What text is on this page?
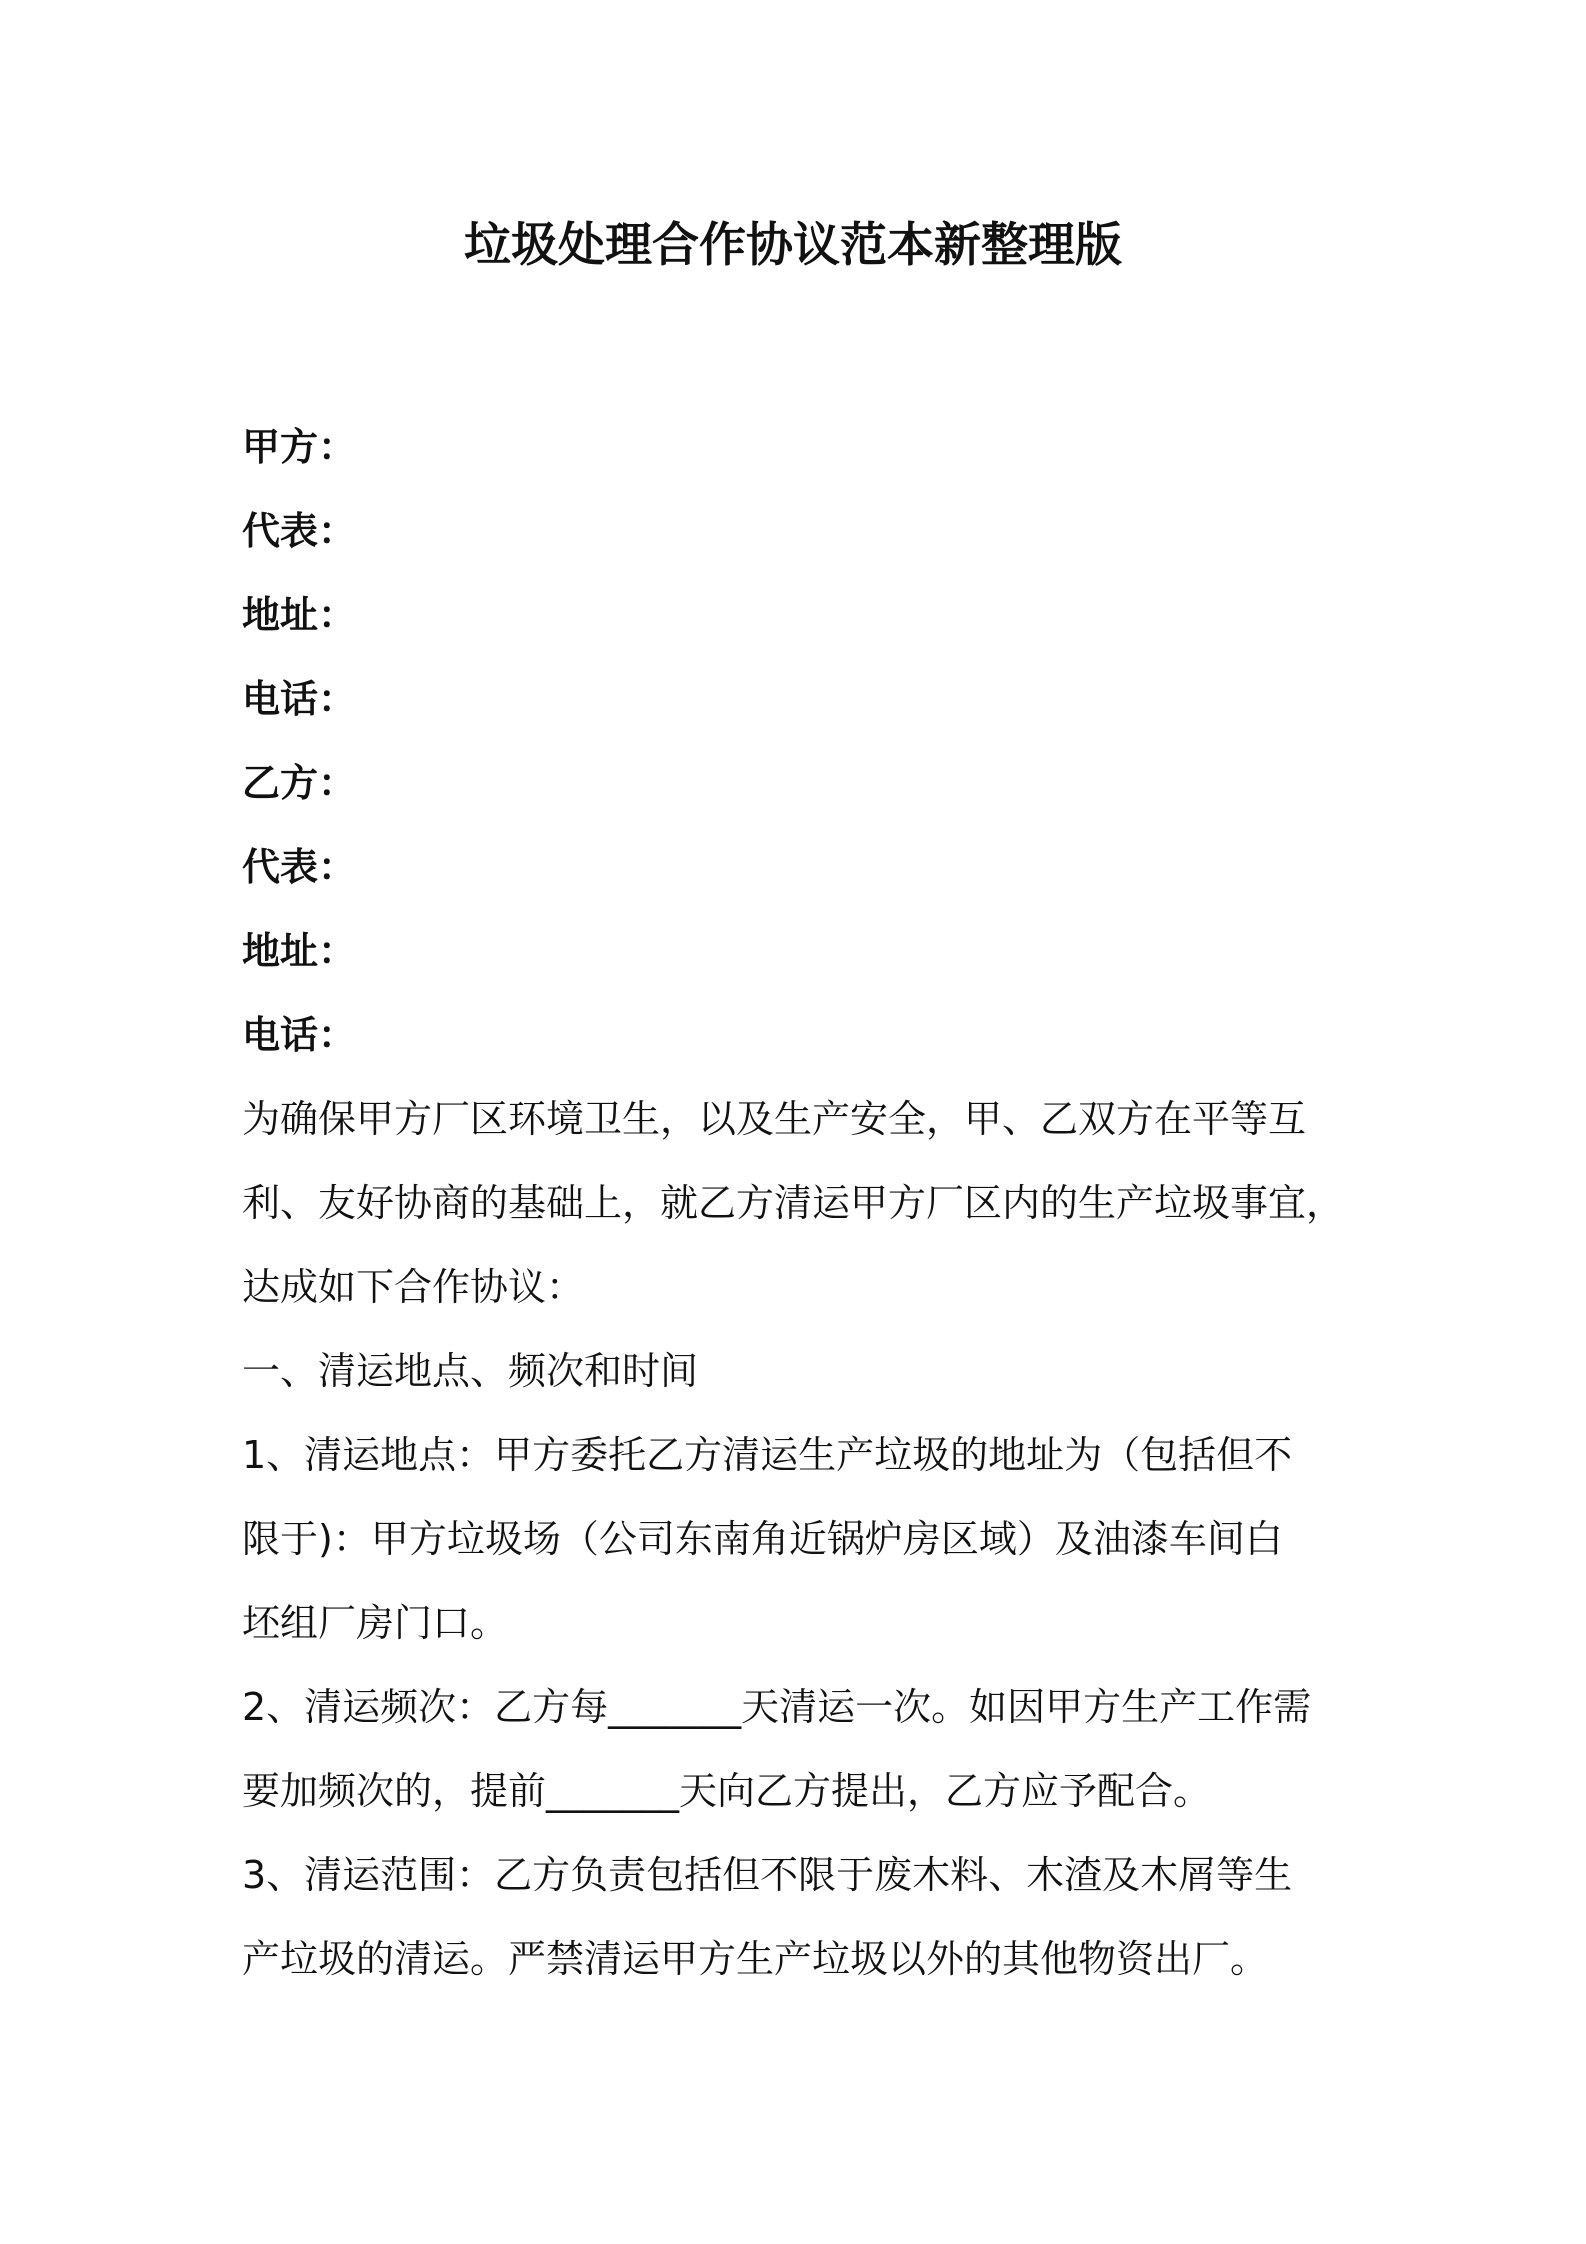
垃圾处理合作协议范本新整理版
甲方：
代表：
地址：
电话：
乙方：
代表：
地址：
电话：
为确保甲方厂区环境卫生，以及生产安全，甲、乙双方在平等互
利、友好协商的基础上，就乙方清运甲方厂区内的生产垃圾事宜，
达成如下合作协议：
一、清运地点、频次和时间
1、清运地点：甲方委托乙方清运生产垃圾的地址为（包括但不
限于)：甲方垃圾场（公司东南角近锅炉房区域）及油漆车间白
坯组厂房门口。
2、清运频次：乙方每_______天清运一次。如因甲方生产工作需
要加频次的，提前_______天向乙方提出，乙方应予配合。
3、清运范围：乙方负责包括但不限于废木料、木渣及木屑等生
产垃圾的清运。严禁清运甲方生产垃圾以外的其他物资出厂。
